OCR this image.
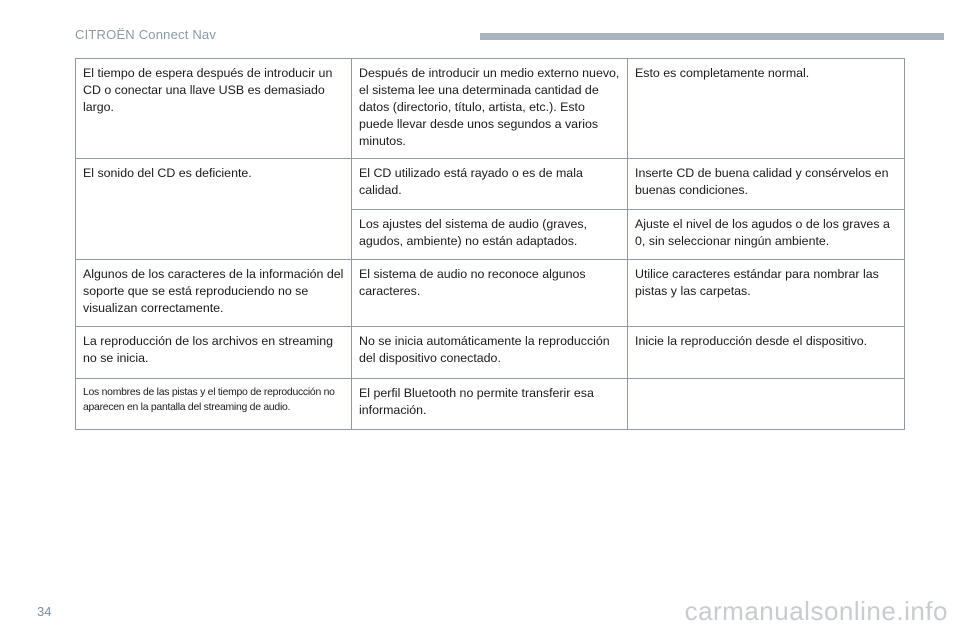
CITROËN Connect Nav
El tiempo de espera después de introducir un CD o conectar una llave USB es demasiado largo.	Después de introducir un medio externo nuevo, el sistema lee una determinada cantidad de datos (directorio, título, artista, etc.). Esto puede llevar desde unos segundos a varios minutos.	Esto es completamente normal.
El sonido del CD es deficiente.	El CD utilizado está rayado o es de mala calidad.	Inserte CD de buena calidad y consérvelos en buenas condiciones.
	Los ajustes del sistema de audio (graves, agudos, ambiente) no están adaptados.	Ajuste el nivel de los agudos o de los graves a 0, sin seleccionar ningún ambiente.
Algunos de los caracteres de la información del soporte que se está reproduciendo no se visualizan correctamente.	El sistema de audio no reconoce algunos caracteres.	Utilice caracteres estándar para nombrar las pistas y las carpetas.
La reproducción de los archivos en streaming no se inicia.	No se inicia automáticamente la reproducción del dispositivo conectado.	Inicie la reproducción desde el dispositivo.
Los nombres de las pistas y el tiempo de reproducción no aparecen en la pantalla del streaming de audio.	El perfil Bluetooth no permite transferir esa información.	
34	carmanualsonline.info
